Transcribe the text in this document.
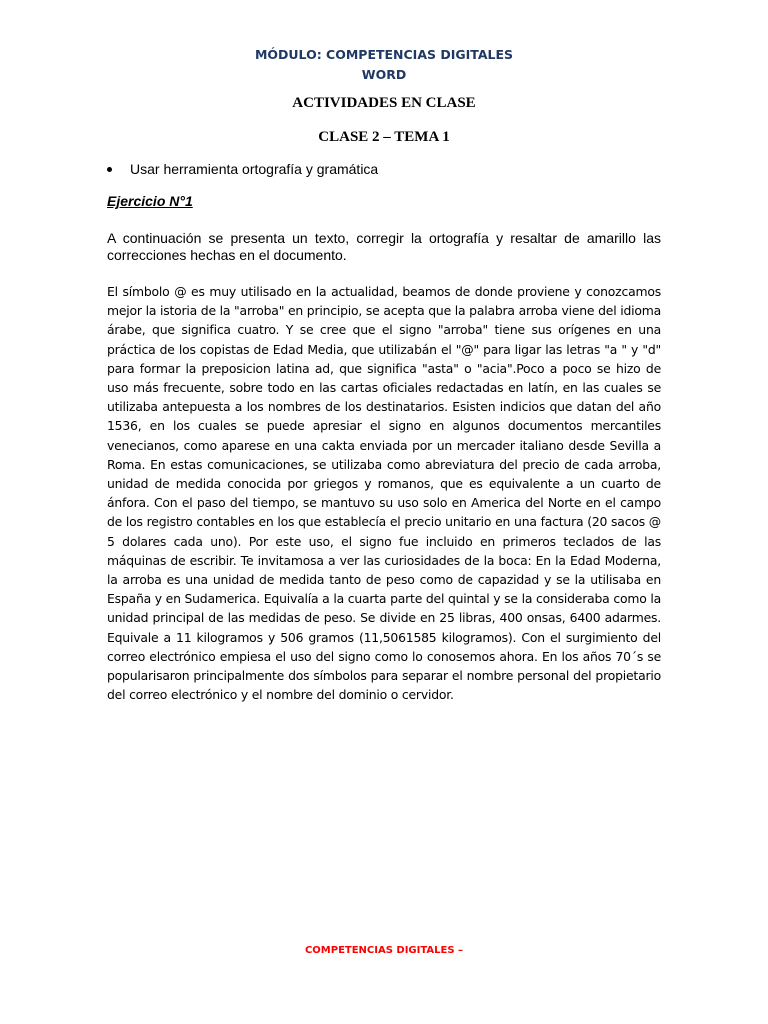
MÓDULO: COMPETENCIAS DIGITALES
WORD
ACTIVIDADES EN CLASE
CLASE 2 – TEMA 1
Usar herramienta ortografía y gramática
Ejercicio N°1
A continuación se presenta un texto, corregir la ortografía y resaltar de amarillo las correcciones hechas en el documento.
El símbolo @ es muy utilisado en la actualidad, beamos de donde proviene y conozcamos mejor la istoria de la "arroba" en principio, se acepta que la palabra arroba viene del idioma árabe, que significa cuatro. Y se cree que el signo "arroba" tiene sus orígenes en una práctica de los copistas de Edad Media, que utilizabán el "@" para ligar las letras "a " y "d" para formar la preposicion latina ad, que significa "asta" o "acia".Poco a poco se hizo de uso más frecuente, sobre todo en las cartas oficiales redactadas en latín, en las cuales se utilizaba antepuesta a los nombres de los destinatarios. Esisten indicios que datan del año 1536, en los cuales se puede apresiar el signo en algunos documentos mercantiles venecianos, como aparese en una cakta enviada por un mercader italiano desde Sevilla a Roma. En estas comunicaciones, se utilizaba como abreviatura del precio de cada arroba, unidad de medida conocida por griegos y romanos, que es equivalente a un cuarto de ánfora. Con el paso del tiempo, se mantuvo su uso solo en America del Norte en el campo de los registro contables en los que establecía el precio unitario en una factura (20 sacos @ 5 dolares cada uno). Por este uso, el signo fue incluido en primeros teclados de las máquinas de escribir. Te invitamosa a ver las curiosidades de la boca: En la Edad Moderna, la arroba es una unidad de medida tanto de peso como de capazidad y se la utilisaba en España y en Sudamerica. Equivalía a la cuarta parte del quintal y se la consideraba como la unidad principal de las medidas de peso. Se divide en 25 libras, 400 onsas, 6400 adarmes. Equivale a 11 kilogramos y 506 gramos (11,5061585 kilogramos). Con el surgimiento del correo electrónico empiesa el uso del signo como lo conosemos ahora. En los años 70´s se popularisaron principalmente dos símbolos para separar el nombre personal del propietario del correo electrónico y el nombre del dominio o cervidor.
COMPETENCIAS DIGITALES –
